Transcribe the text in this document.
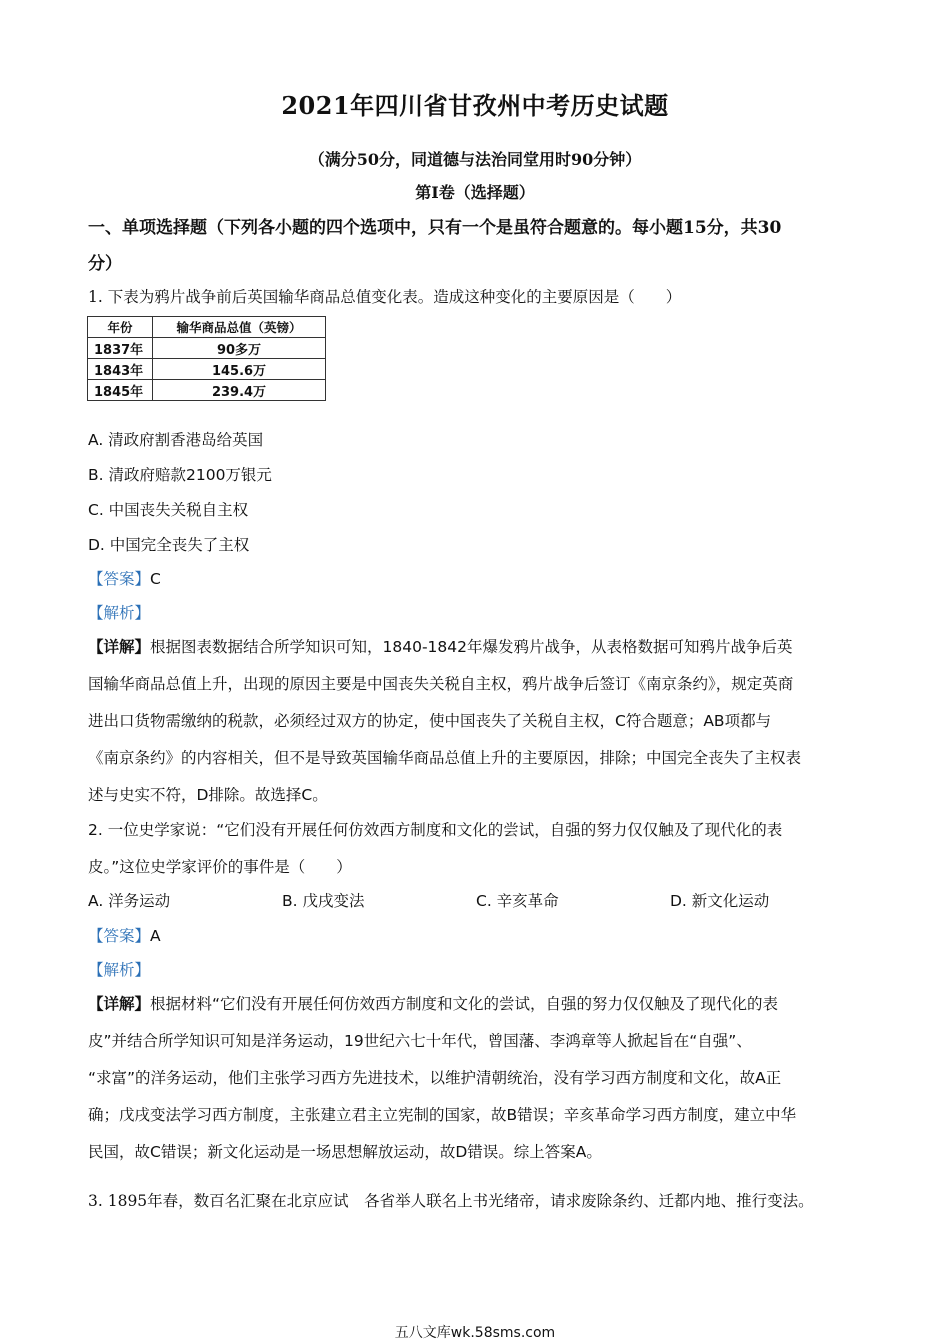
2021年四川省甘孜州中考历史试题
（满分50分，同道德与法治同堂用时90分钟）
第Ⅰ卷（选择题）
一、单项选择题（下列各小题的四个选项中，只有一个是虽符合题意的。每小题15分，共30
分）
1. 下表为鸦片战争前后英国输华商品总值变化表。造成这种变化的主要原因是（　　）
年份	输华商品总值（英镑）
1837年	90多万
1843年	145.6万
1845年	239.4万
A. 清政府割香港岛给英国
B. 清政府赔款2100万银元
C. 中国丧失关税自主权
D. 中国完全丧失了主权
【答案】C
【解析】
【详解】根据图表数据结合所学知识可知，1840-1842年爆发鸦片战争，从表格数据可知鸦片战争后英
国输华商品总值上升，出现的原因主要是中国丧失关税自主权，鸦片战争后签订《南京条约》，规定英商
进出口货物需缴纳的税款，必须经过双方的协定，使中国丧失了关税自主权，C符合题意；AB项都与
《南京条约》的内容相关，但不是导致英国输华商品总值上升的主要原因，排除；中国完全丧失了主权表
述与史实不符，D排除。故选择C。
2. 一位史学家说：“它们没有开展任何仿效西方制度和文化的尝试，自强的努力仅仅触及了现代化的表
皮。”这位史学家评价的事件是（　　）
A. 洋务运动	B. 戊戌变法	C. 辛亥革命	D. 新文化运动
【答案】A
【解析】
【详解】根据材料“它们没有开展任何仿效西方制度和文化的尝试，自强的努力仅仅触及了现代化的表
皮”并结合所学知识可知是洋务运动，19世纪六七十年代，曾国藩、李鸿章等人掀起旨在“自强”、
“求富”的洋务运动，他们主张学习西方先进技术，以维护清朝统治，没有学习西方制度和文化，故A正
确；戊戌变法学习西方制度，主张建立君主立宪制的国家，故B错误；辛亥革命学习西方制度，建立中华
民国，故C错误；新文化运动是一场思想解放运动，故D错误。综上答案A。
3. 1895年春，数百名汇聚在北京应试　各省举人联名上书光绪帝，请求废除条约、迁都内地、推行变法。
五八文库wk.58sms.com
